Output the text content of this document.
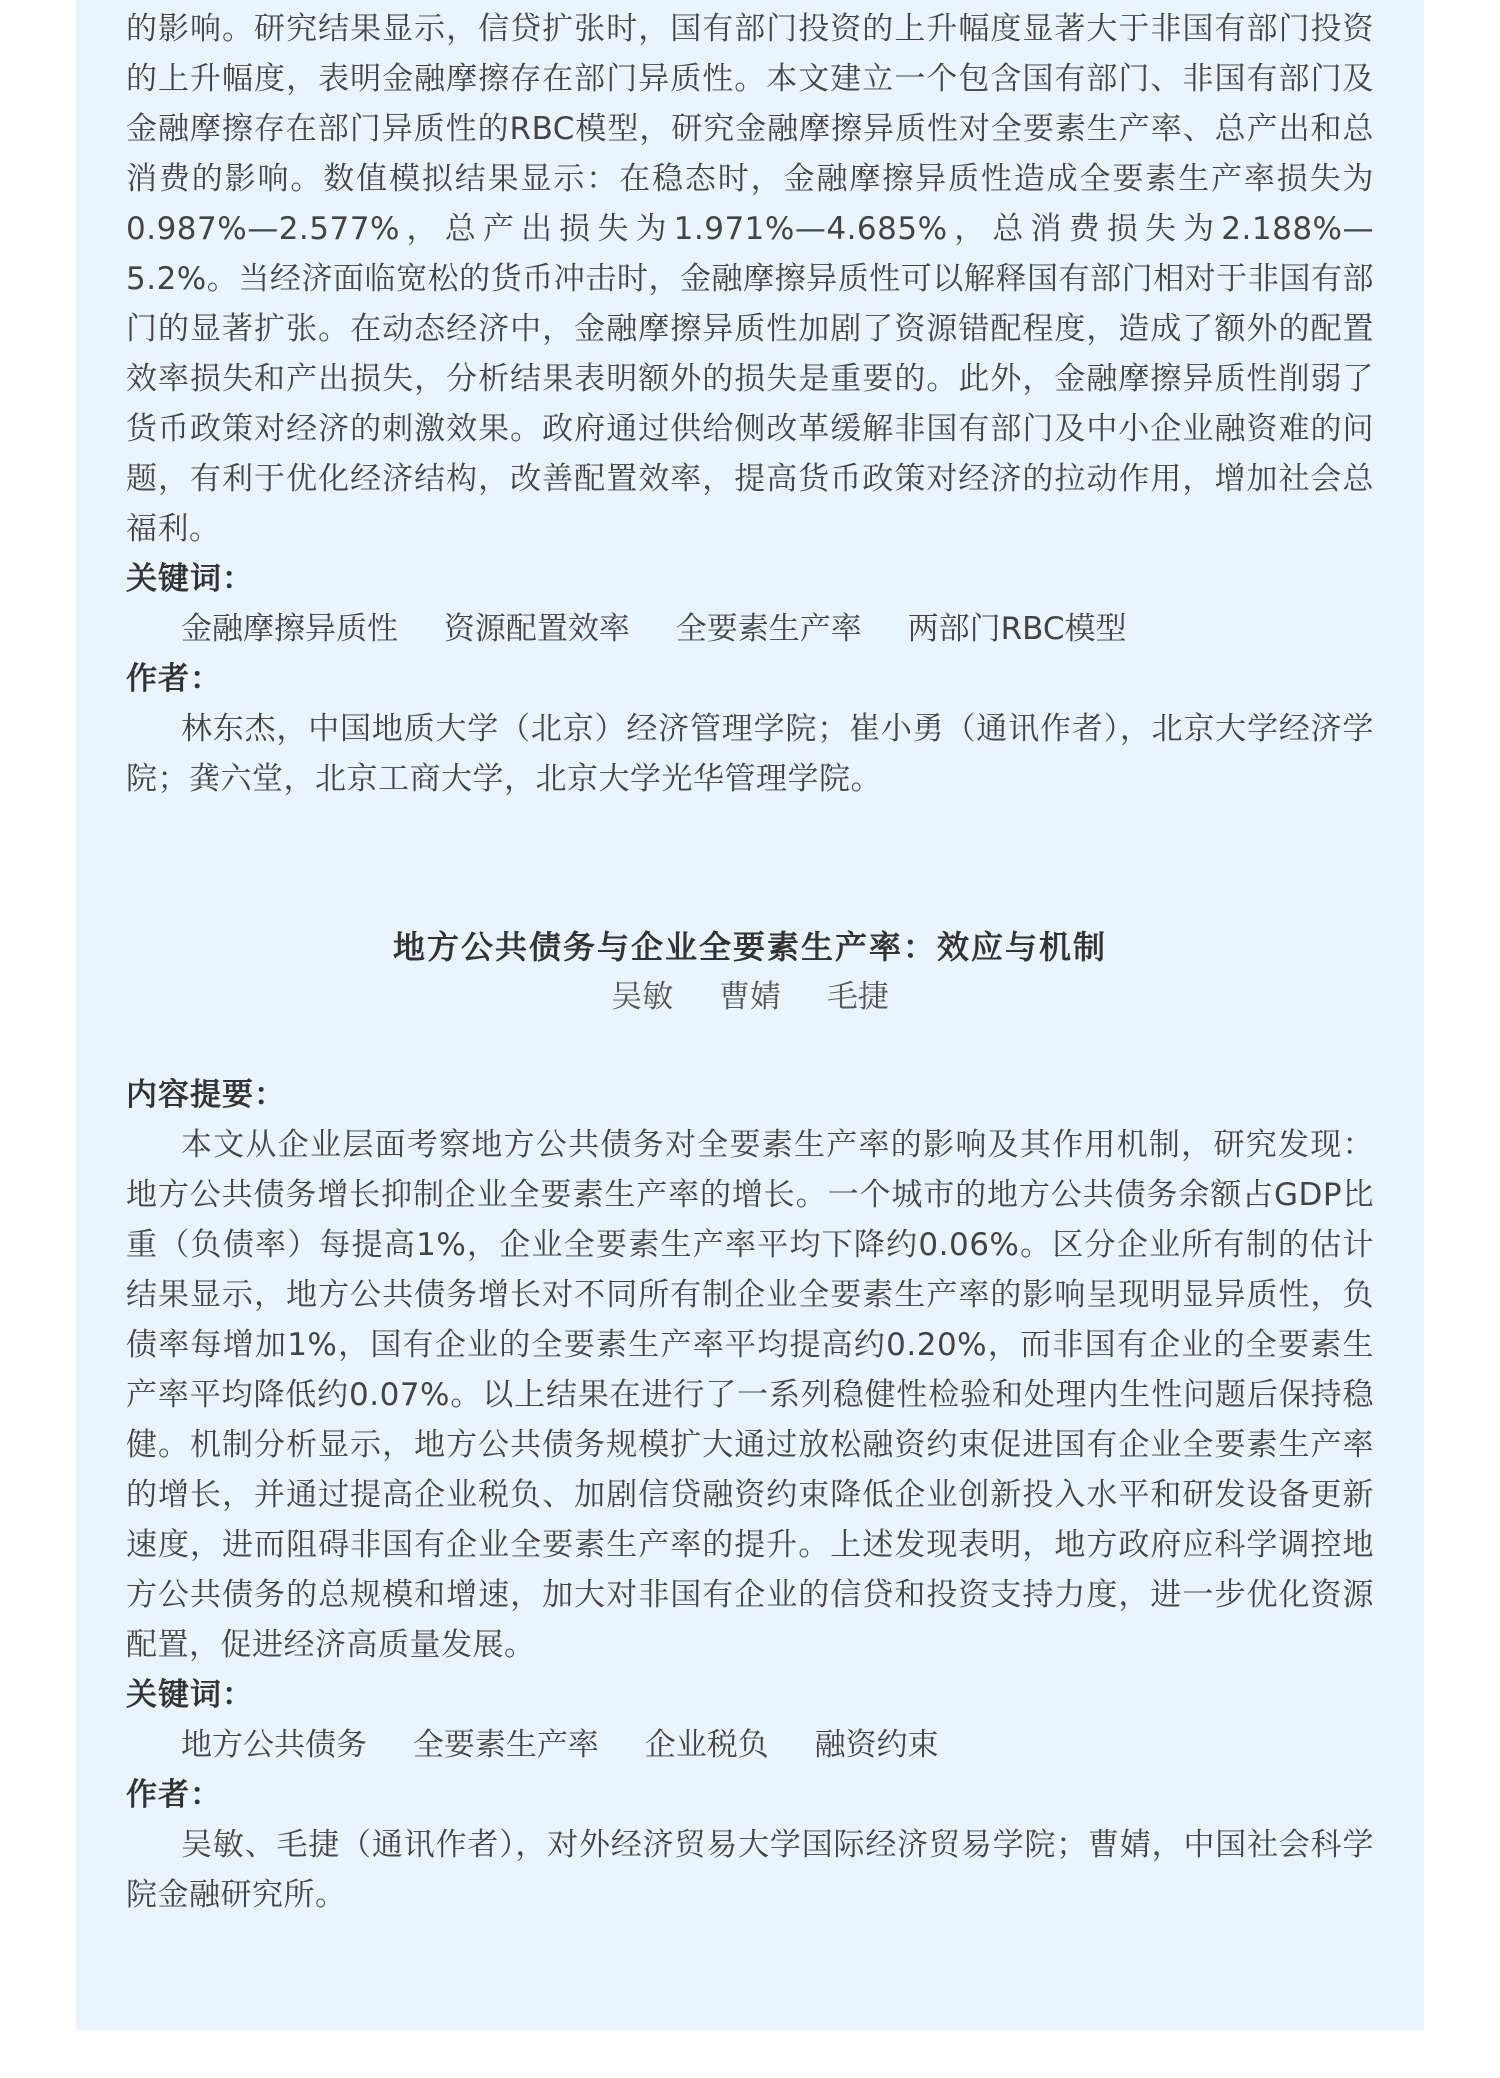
的影响。研究结果显示，信贷扩张时，国有部门投资的上升幅度显著大于非国有部门投资的上升幅度，表明金融摩擦存在部门异质性。本文建立一个包含国有部门、非国有部门及金融摩擦存在部门异质性的RBC模型，研究金融摩擦异质性对全要素生产率、总产出和总消费的影响。数值模拟结果显示：在稳态时，金融摩擦异质性造成全要素生产率损失为0.987%—2.577%，总产出损失为1.971%—4.685%，总消费损失为2.188%—5.2%。当经济面临宽松的货币冲击时，金融摩擦异质性可以解释国有部门相对于非国有部门的显著扩张。在动态经济中，金融摩擦异质性加剧了资源错配程度，造成了额外的配置效率损失和产出损失，分析结果表明额外的损失是重要的。此外，金融摩擦异质性削弱了货币政策对经济的刺激效果。政府通过供给侧改革缓解非国有部门及中小企业融资难的问题，有利于优化经济结构，改善配置效率，提高货币政策对经济的拉动作用，增加社会总福利。

关键词：

金融摩擦异质性 资源配置效率 全要素生产率 两部门RBC模型

作者：

林东杰，中国地质大学（北京）经济管理学院；崔小勇（通讯作者），北京大学经济学院；龚六堂，北京工商大学，北京大学光华管理学院。

地方公共债务与企业全要素生产率：效应与机制

吴敏 曹婧 毛捷

内容提要：

本文从企业层面考察地方公共债务对全要素生产率的影响及其作用机制，研究发现：地方公共债务增长抑制企业全要素生产率的增长。一个城市的地方公共债务余额占GDP比重（负债率）每提高1%，企业全要素生产率平均下降约0.06%。区分企业所有制的估计结果显示，地方公共债务增长对不同所有制企业全要素生产率的影响呈现明显异质性，负债率每增加1%，国有企业的全要素生产率平均提高约0.20%，而非国有企业的全要素生产率平均降低约0.07%。以上结果在进行了一系列稳健性检验和处理内生性问题后保持稳健。机制分析显示，地方公共债务规模扩大通过放松融资约束促进国有企业全要素生产率的增长，并通过提高企业税负、加剧信贷融资约束降低企业创新投入水平和研发设备更新速度，进而阻碍非国有企业全要素生产率的提升。上述发现表明，地方政府应科学调控地方公共债务的总规模和增速，加大对非国有企业的信贷和投资支持力度，进一步优化资源配置，促进经济高质量发展。

关键词：

地方公共债务 全要素生产率 企业税负 融资约束

作者：

吴敏、毛捷（通讯作者），对外经济贸易大学国际经济贸易学院；曹婧，中国社会科学院金融研究所。
